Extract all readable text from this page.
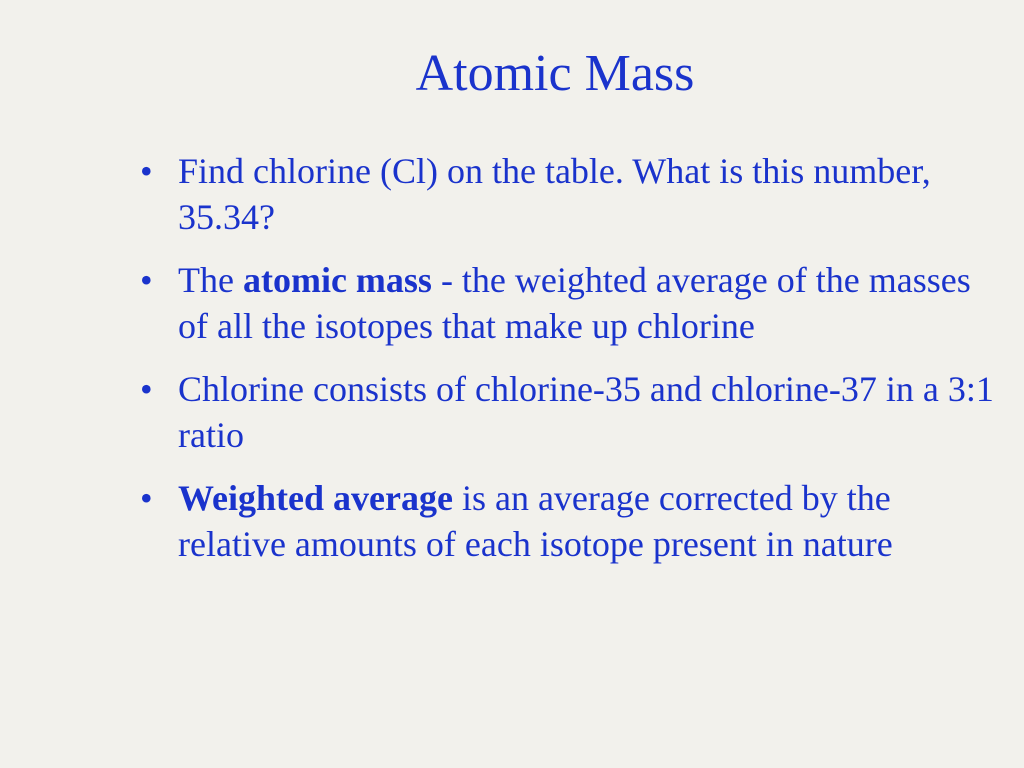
Atomic Mass
• Find chlorine (Cl) on the table. What is this number, 35.34?
• The atomic mass - the weighted average of the masses of all the isotopes that make up chlorine
• Chlorine consists of chlorine-35 and chlorine-37 in a 3:1 ratio
• Weighted average is an average corrected by the relative amounts of each isotope present in nature
